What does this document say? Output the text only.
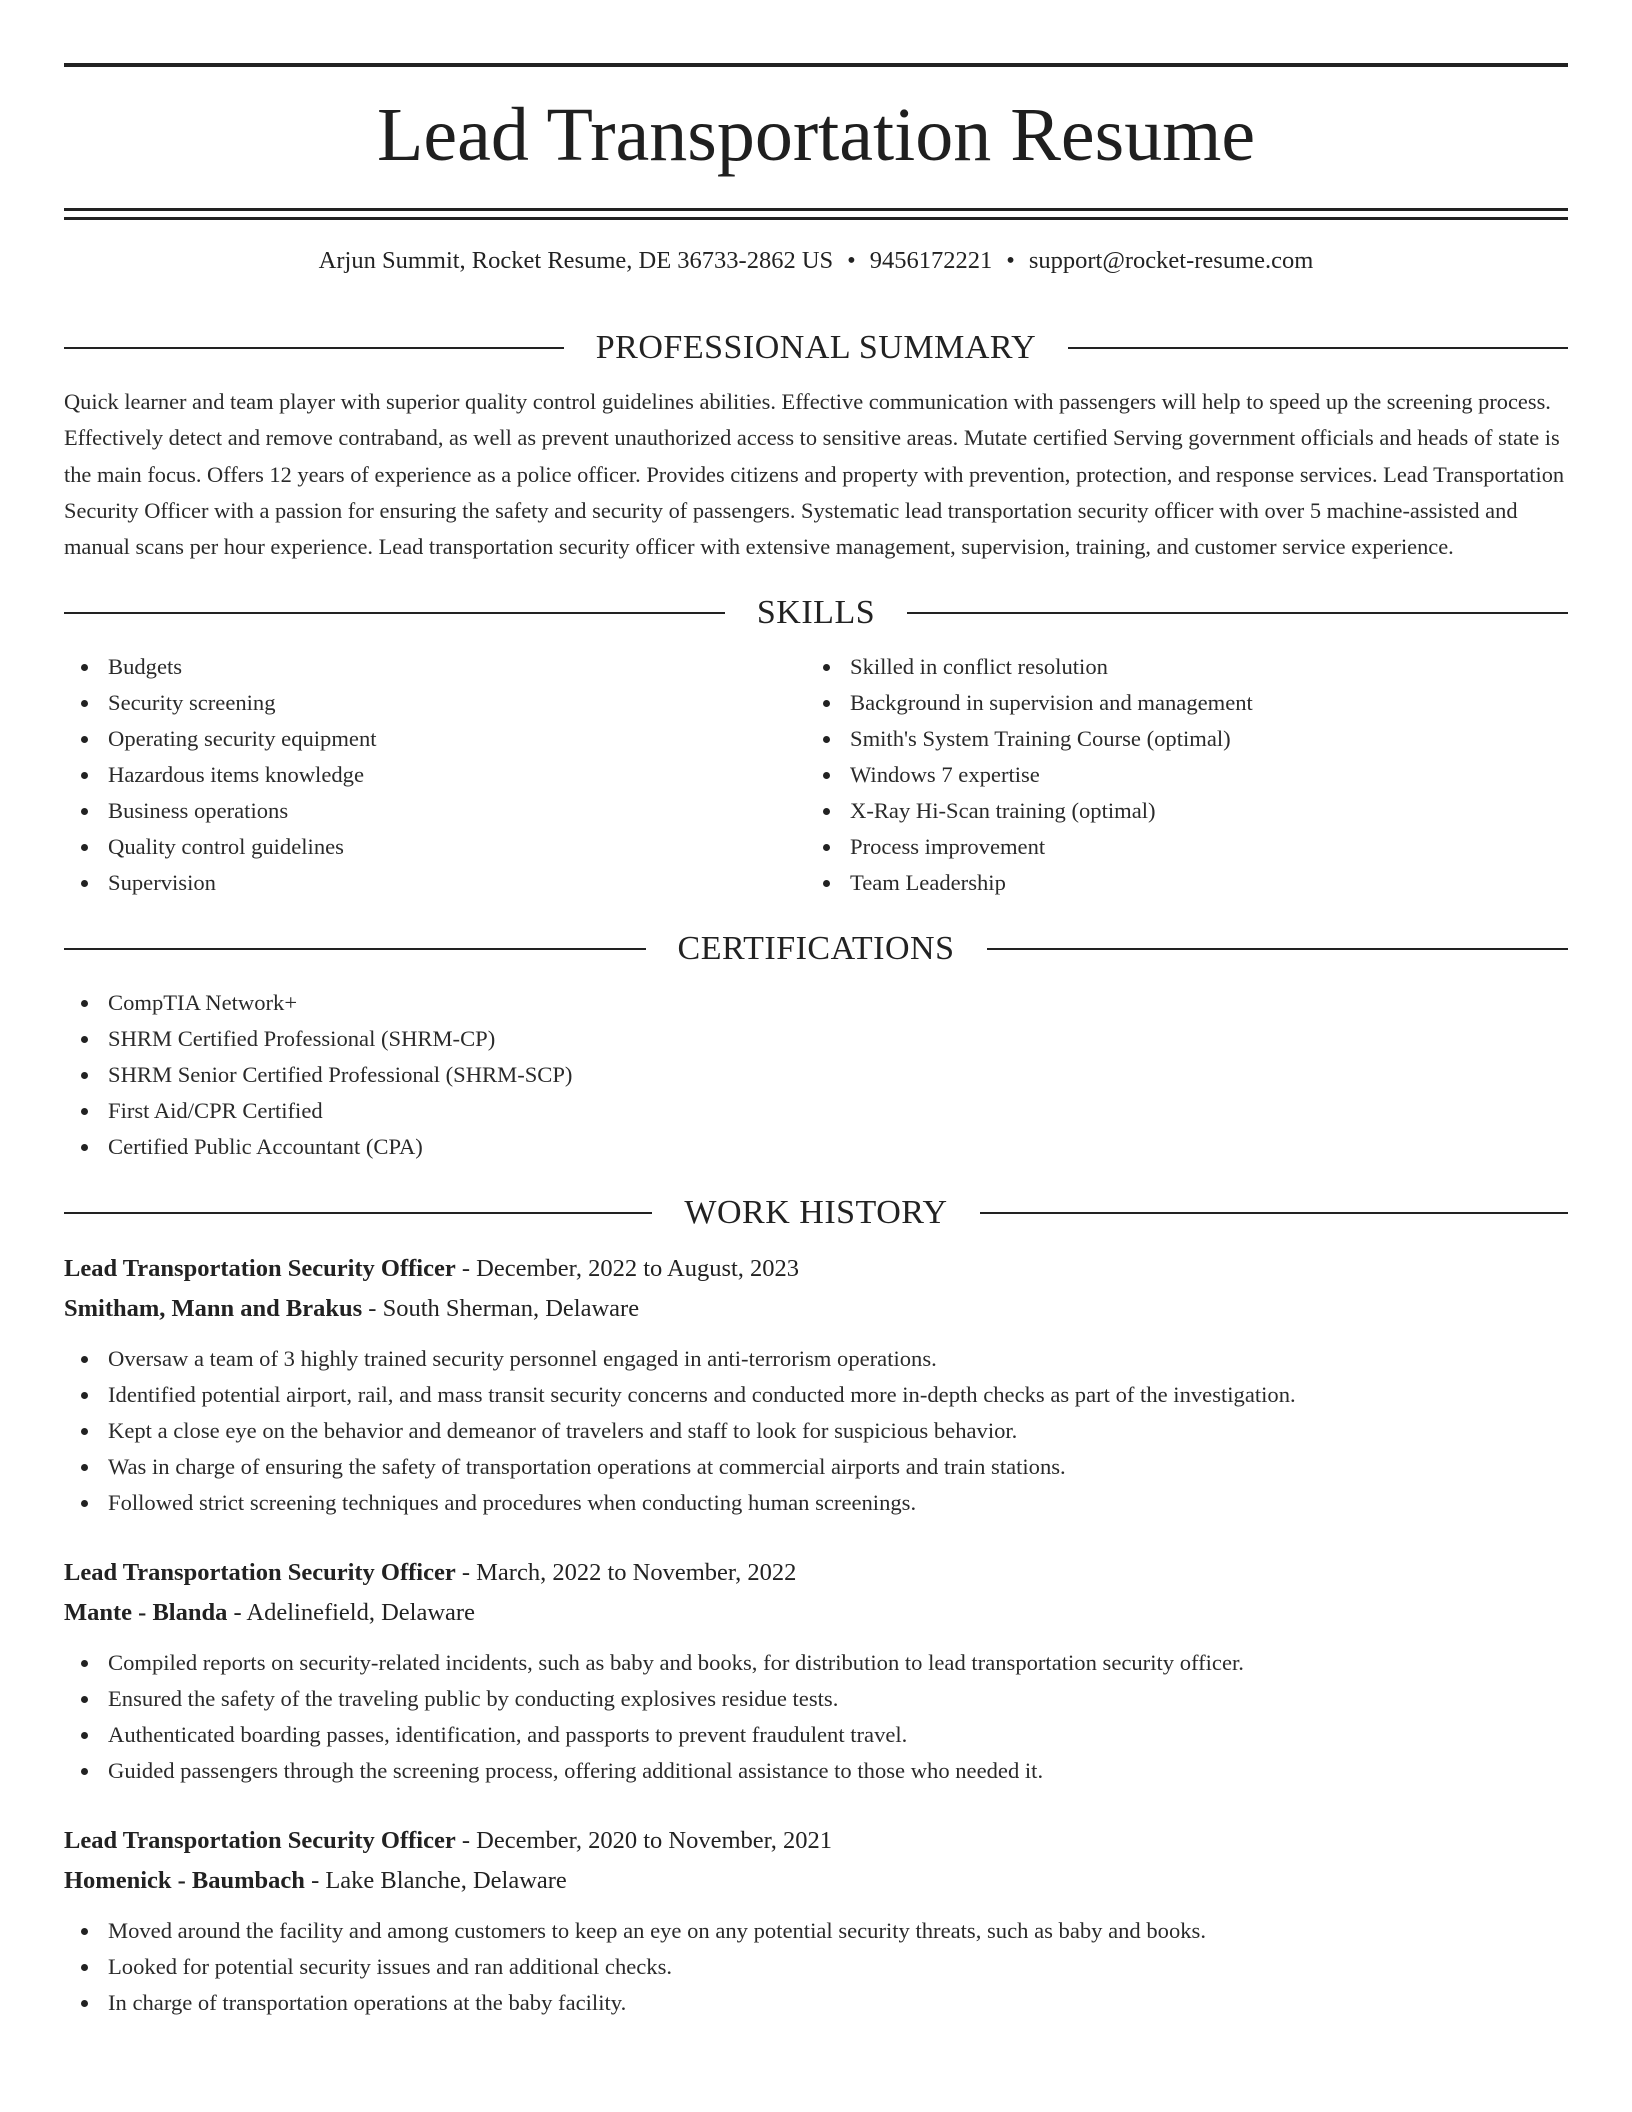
Lead Transportation Resume
Arjun Summit, Rocket Resume, DE 36733-2862 US • 9456172221 • support@rocket-resume.com
PROFESSIONAL SUMMARY
Quick learner and team player with superior quality control guidelines abilities. Effective communication with passengers will help to speed up the screening process. Effectively detect and remove contraband, as well as prevent unauthorized access to sensitive areas. Mutate certified Serving government officials and heads of state is the main focus. Offers 12 years of experience as a police officer. Provides citizens and property with prevention, protection, and response services. Lead Transportation Security Officer with a passion for ensuring the safety and security of passengers. Systematic lead transportation security officer with over 5 machine-assisted and manual scans per hour experience. Lead transportation security officer with extensive management, supervision, training, and customer service experience.
SKILLS
Budgets
Security screening
Operating security equipment
Hazardous items knowledge
Business operations
Quality control guidelines
Supervision
Skilled in conflict resolution
Background in supervision and management
Smith's System Training Course (optimal)
Windows 7 expertise
X-Ray Hi-Scan training (optimal)
Process improvement
Team Leadership
CERTIFICATIONS
CompTIA Network+
SHRM Certified Professional (SHRM-CP)
SHRM Senior Certified Professional (SHRM-SCP)
First Aid/CPR Certified
Certified Public Accountant (CPA)
WORK HISTORY
Lead Transportation Security Officer - December, 2022 to August, 2023
Smitham, Mann and Brakus - South Sherman, Delaware
Oversaw a team of 3 highly trained security personnel engaged in anti-terrorism operations.
Identified potential airport, rail, and mass transit security concerns and conducted more in-depth checks as part of the investigation.
Kept a close eye on the behavior and demeanor of travelers and staff to look for suspicious behavior.
Was in charge of ensuring the safety of transportation operations at commercial airports and train stations.
Followed strict screening techniques and procedures when conducting human screenings.
Lead Transportation Security Officer - March, 2022 to November, 2022
Mante - Blanda - Adelinefield, Delaware
Compiled reports on security-related incidents, such as baby and books, for distribution to lead transportation security officer.
Ensured the safety of the traveling public by conducting explosives residue tests.
Authenticated boarding passes, identification, and passports to prevent fraudulent travel.
Guided passengers through the screening process, offering additional assistance to those who needed it.
Lead Transportation Security Officer - December, 2020 to November, 2021
Homenick - Baumbach - Lake Blanche, Delaware
Moved around the facility and among customers to keep an eye on any potential security threats, such as baby and books.
Looked for potential security issues and ran additional checks.
In charge of transportation operations at the baby facility.
